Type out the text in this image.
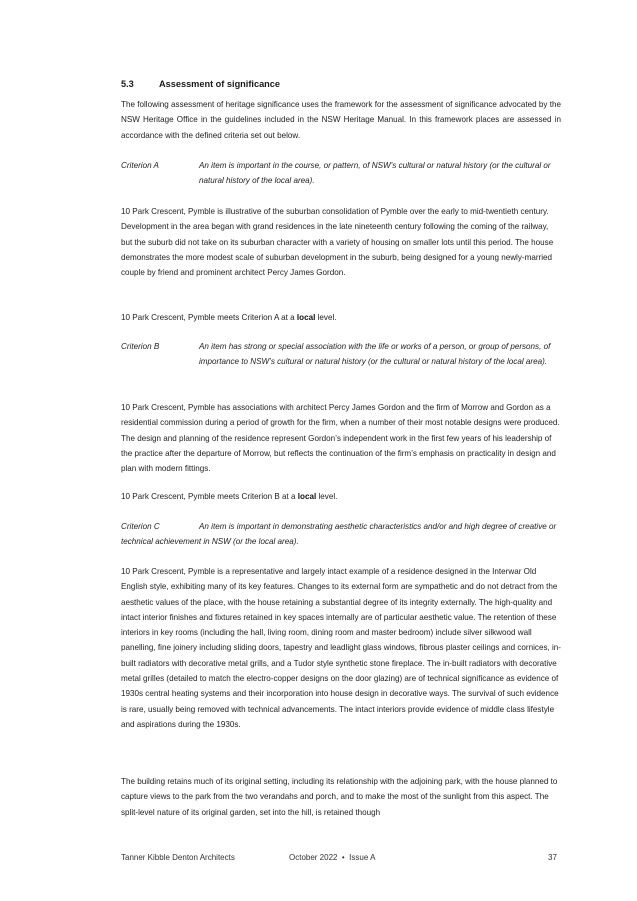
5.3	Assessment of significance
The following assessment of heritage significance uses the framework for the assessment of significance advocated by the NSW Heritage Office in the guidelines included in the NSW Heritage Manual. In this framework places are assessed in accordance with the defined criteria set out below.
Criterion A	An item is important in the course, or pattern, of NSW’s cultural or natural history (or the cultural or natural history of the local area).
10 Park Crescent, Pymble is illustrative of the suburban consolidation of Pymble over the early to mid-twentieth century. Development in the area began with grand residences in the late nineteenth century following the coming of the railway, but the suburb did not take on its suburban character with a variety of housing on smaller lots until this period. The house demonstrates the more modest scale of suburban development in the suburb, being designed for a young newly-married couple by friend and prominent architect Percy James Gordon.
10 Park Crescent, Pymble meets Criterion A at a local level.
Criterion B	An item has strong or special association with the life or works of a person, or group of persons, of importance to NSW’s cultural or natural history (or the cultural or natural history of the local area).
10 Park Crescent, Pymble has associations with architect Percy James Gordon and the firm of Morrow and Gordon as a residential commission during a period of growth for the firm, when a number of their most notable designs were produced. The design and planning of the residence represent Gordon’s independent work in the first few years of his leadership of the practice after the departure of Morrow, but reflects the continuation of the firm’s emphasis on practicality in design and plan with modern fittings.
10 Park Crescent, Pymble meets Criterion B at a local level.
Criterion C	An item is important in demonstrating aesthetic characteristics and/or and high degree of creative or technical achievement in NSW (or the local area).
10 Park Crescent, Pymble is a representative and largely intact example of a residence designed in the Interwar Old English style, exhibiting many of its key features. Changes to its external form are sympathetic and do not detract from the aesthetic values of the place, with the house retaining a substantial degree of its integrity externally. The high-quality and intact interior finishes and fixtures retained in key spaces internally are of particular aesthetic value. The retention of these interiors in key rooms (including the hall, living room, dining room and master bedroom) include silver silkwood wall panelling, fine joinery including sliding doors, tapestry and leadlight glass windows, fibrous plaster ceilings and cornices, in-built radiators with decorative metal grills, and a Tudor style synthetic stone fireplace. The in-built radiators with decorative metal grilles (detailed to match the electro-copper designs on the door glazing) are of technical significance as evidence of 1930s central heating systems and their incorporation into house design in decorative ways. The survival of such evidence is rare, usually being removed with technical advancements. The intact interiors provide evidence of middle class lifestyle and aspirations during the 1930s.
The building retains much of its original setting, including its relationship with the adjoining park, with the house planned to capture views to the park from the two verandahs and porch, and to make the most of the sunlight from this aspect. The split-level nature of its original garden, set into the hill, is retained though
Tanner Kibble Denton Architects	October 2022  •  Issue A	37
